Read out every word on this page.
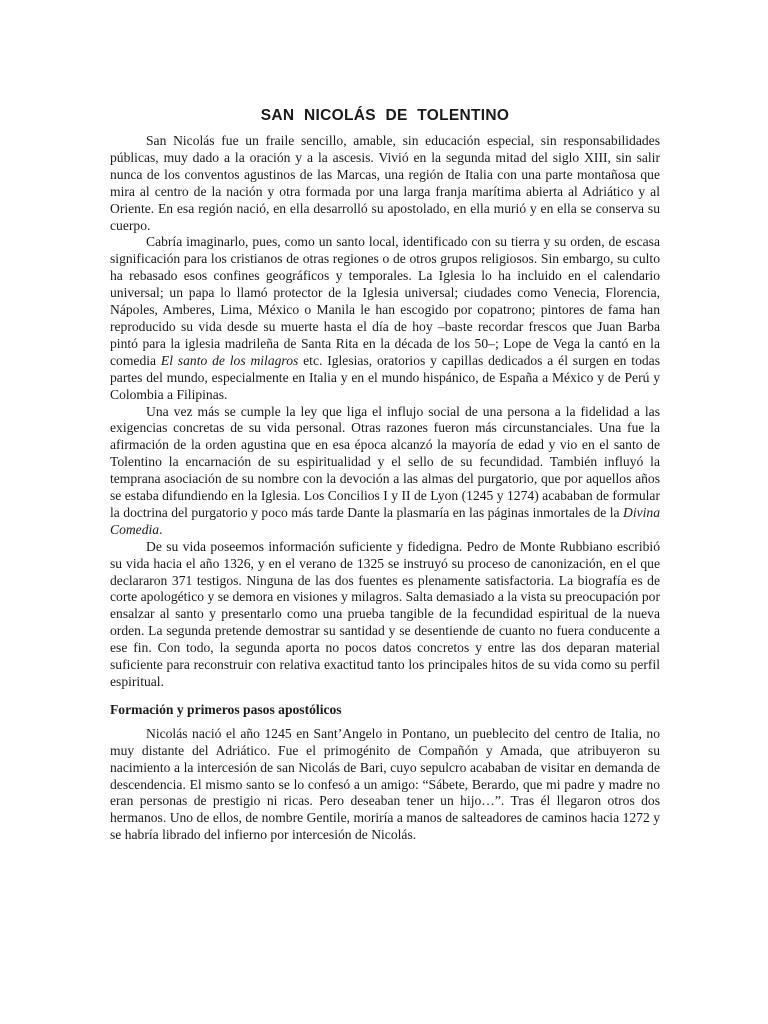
SAN NICOLÁS DE TOLENTINO

San Nicolás fue un fraile sencillo, amable, sin educación especial, sin responsabilidades públicas, muy dado a la oración y a la ascesis. Vivió en la segunda mitad del siglo XIII, sin salir nunca de los conventos agustinos de las Marcas, una región de Italia con una parte montañosa que mira al centro de la nación y otra formada por una larga franja marítima abierta al Adriático y al Oriente. En esa región nació, en ella desarrolló su apostolado, en ella murió y en ella se conserva su cuerpo.

Cabría imaginarlo, pues, como un santo local, identificado con su tierra y su orden, de escasa significación para los cristianos de otras regiones o de otros grupos religiosos. Sin embargo, su culto ha rebasado esos confines geográficos y temporales. La Iglesia lo ha incluido en el calendario universal; un papa lo llamó protector de la Iglesia universal; ciudades como Venecia, Florencia, Nápoles, Amberes, Lima, México o Manila le han escogido por copatrono; pintores de fama han reproducido su vida desde su muerte hasta el día de hoy –baste recordar frescos que Juan Barba pintó para la iglesia madrileña de Santa Rita en la década de los 50–; Lope de Vega la cantó en la comedia El santo de los milagros etc. Iglesias, oratorios y capillas dedicados a él surgen en todas partes del mundo, especialmente en Italia y en el mundo hispánico, de España a México y de Perú y Colombia a Filipinas.

Una vez más se cumple la ley que liga el influjo social de una persona a la fidelidad a las exigencias concretas de su vida personal. Otras razones fueron más circunstanciales. Una fue la afirmación de la orden agustina que en esa época alcanzó la mayoría de edad y vio en el santo de Tolentino la encarnación de su espiritualidad y el sello de su fecundidad. También influyó la temprana asociación de su nombre con la devoción a las almas del purgatorio, que por aquellos años se estaba difundiendo en la Iglesia. Los Concilios I y II de Lyon (1245 y 1274) acababan de formular la doctrina del purgatorio y poco más tarde Dante la plasmaría en las páginas inmortales de la Divina Comedia.

De su vida poseemos información suficiente y fidedigna. Pedro de Monte Rubbiano escribió su vida hacia el año 1326, y en el verano de 1325 se instruyó su proceso de canonización, en el que declararon 371 testigos. Ninguna de las dos fuentes es plenamente satisfactoria. La biografía es de corte apologético y se demora en visiones y milagros. Salta demasiado a la vista su preocupación por ensalzar al santo y presentarlo como una prueba tangible de la fecundidad espiritual de la nueva orden. La segunda pretende demostrar su santidad y se desentiende de cuanto no fuera conducente a ese fin. Con todo, la segunda aporta no pocos datos concretos y entre las dos deparan material suficiente para reconstruir con relativa exactitud tanto los principales hitos de su vida como su perfil espiritual.

Formación y primeros pasos apostólicos

Nicolás nació el año 1245 en Sant’Angelo in Pontano, un pueblecito del centro de Italia, no muy distante del Adriático. Fue el primogénito de Compañón y Amada, que atribuyeron su nacimiento a la intercesión de san Nicolás de Bari, cuyo sepulcro acababan de visitar en demanda de descendencia. El mismo santo se lo confesó a un amigo: “Sábete, Berardo, que mi padre y madre no eran personas de prestigio ni ricas. Pero deseaban tener un hijo…”. Tras él llegaron otros dos hermanos. Uno de ellos, de nombre Gentile, moriría a manos de salteadores de caminos hacia 1272 y se habría librado del infierno por intercesión de Nicolás.
